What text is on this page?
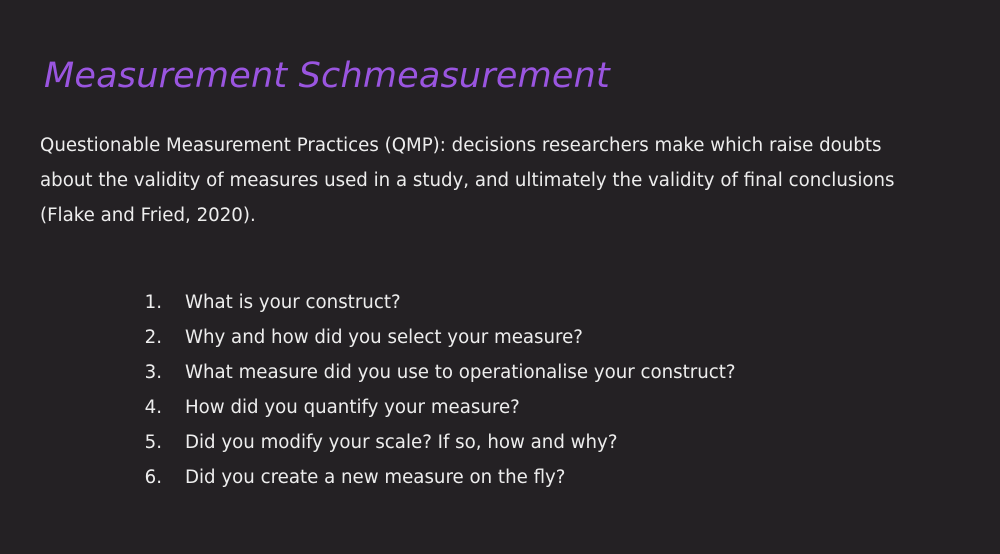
Measurement Schmeasurement

Questionable Measurement Practices (QMP): decisions researchers make which raise doubts
about the validity of measures used in a study, and ultimately the validity of final conclusions
(Flake and Fried, 2020).

1. What is your construct?
2. Why and how did you select your measure?
3. What measure did you use to operationalise your construct?
4. How did you quantify your measure?
5. Did you modify your scale? If so, how and why?
6. Did you create a new measure on the fly?
